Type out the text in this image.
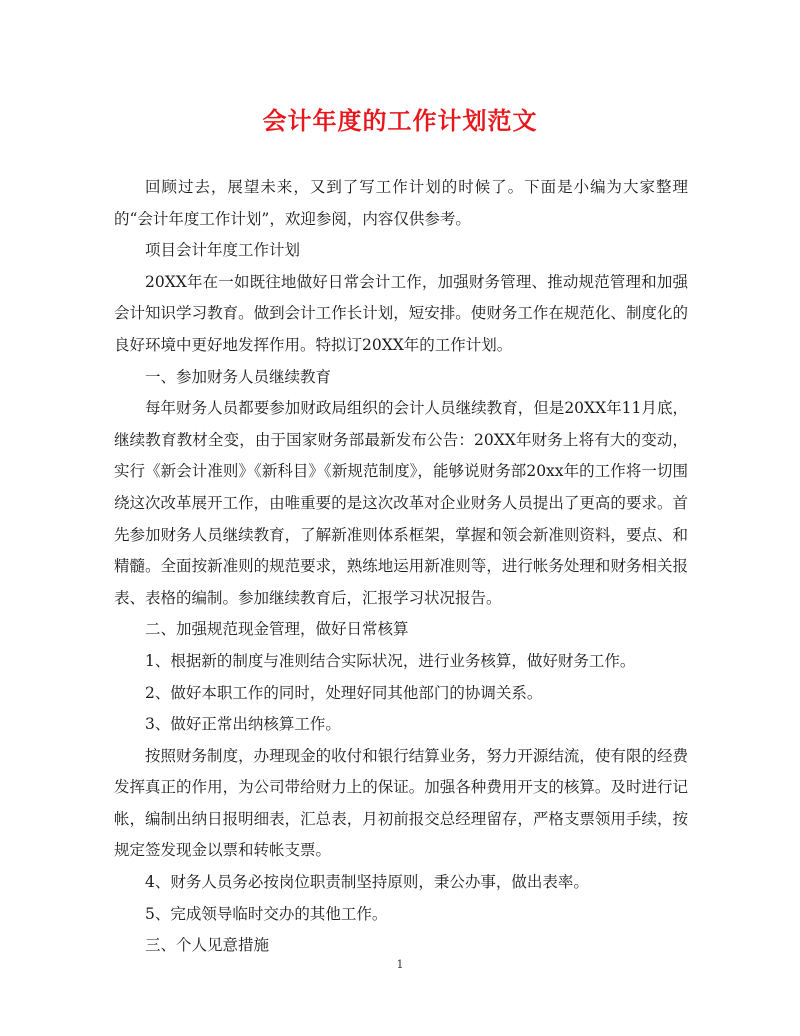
会计年度的工作计划范文

回顾过去，展望未来，又到了写工作计划的时候了。下面是小编为大家整理的“会计年度工作计划”，欢迎参阅，内容仅供参考。

项目会计年度工作计划

20XX年在一如既往地做好日常会计工作，加强财务管理、推动规范管理和加强会计知识学习教育。做到会计工作长计划，短安排。使财务工作在规范化、制度化的良好环境中更好地发挥作用。特拟订20XX年的工作计划。

一、参加财务人员继续教育

每年财务人员都要参加财政局组织的会计人员继续教育，但是20XX年11月底，继续教育教材全变，由于国家财务部最新发布公告：20XX年财务上将有大的变动，实行《新会计准则》《新科目》《新规范制度》，能够说财务部20xx年的工作将一切围绕这次改革展开工作，由唯重要的是这次改革对企业财务人员提出了更高的要求。首先参加财务人员继续教育，了解新准则体系框架，掌握和领会新准则资料，要点、和精髓。全面按新准则的规范要求，熟练地运用新准则等，进行帐务处理和财务相关报表、表格的编制。参加继续教育后，汇报学习状况报告。

二、加强规范现金管理，做好日常核算

1、根据新的制度与准则结合实际状况，进行业务核算，做好财务工作。

2、做好本职工作的同时，处理好同其他部门的协调关系。

3、做好正常出纳核算工作。

按照财务制度，办理现金的收付和银行结算业务，努力开源结流，使有限的经费发挥真正的作用，为公司带给财力上的保证。加强各种费用开支的核算。及时进行记帐，编制出纳日报明细表，汇总表，月初前报交总经理留存，严格支票领用手续，按规定签发现金以票和转帐支票。

4、财务人员务必按岗位职责制坚持原则，秉公办事，做出表率。

5、完成领导临时交办的其他工作。

三、个人见意措施

1
